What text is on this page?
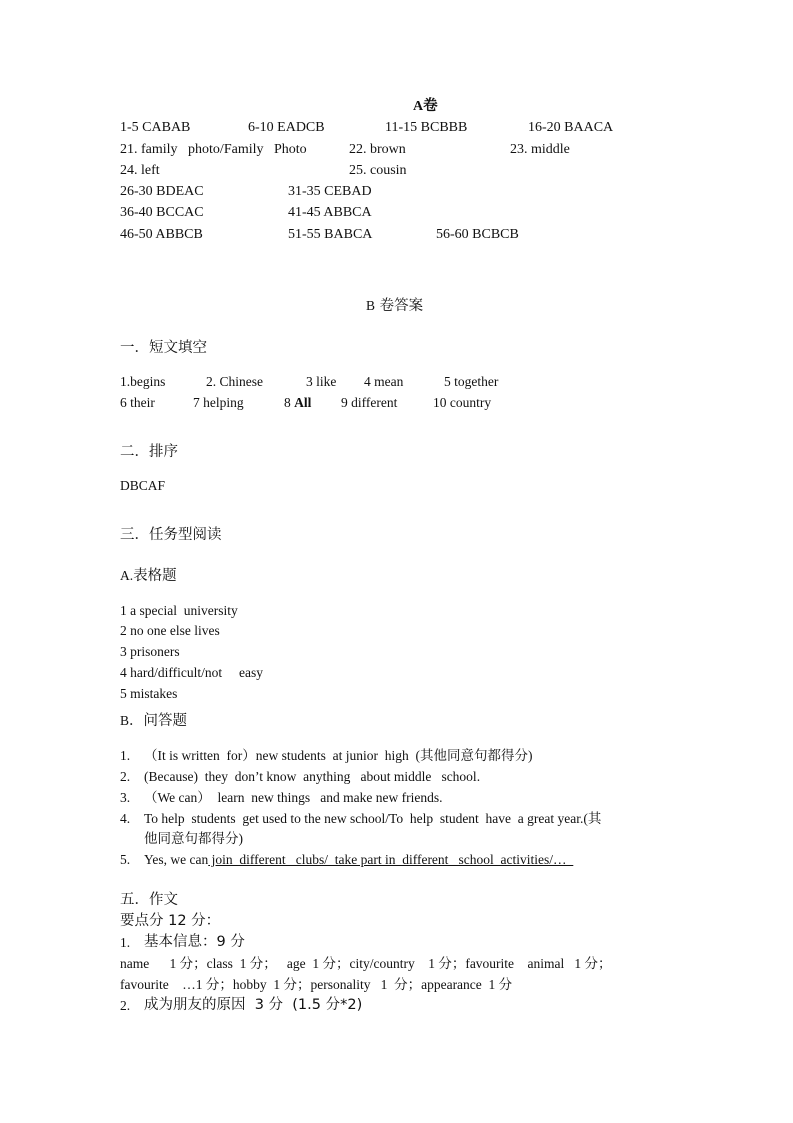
A卷
1-5 CABAB	6-10 EADCB	11-15 BCBBB	16-20 BAACA
21. family   photo/Family   Photo	22. brown	23. middle
24. left	25. cousin
26-30 BDEAC	31-35 CEBAD
36-40 BCCAC	41-45 ABBCA
46-50 ABBCB	51-55 BABCA	56-60 BCBCB
B 卷答案
一．短文填空
1.begins	2. Chinese	3 like 4 mean	5 together
6 their	7 helping	8 All 9 different	10 country
二．排序
DBCAF
三．任务型阅读
A.表格题
1 a special  university
2 no one else lives
3 prisoners
4 hard/difficult/not     easy
5 mistakes
B．问答题
1. （It is written  for）new students  at junior  high  (其他同意句都得分)
2. (Because)  they  don’t know  anything   about middle   school.
3. （We can）  learn  new things   and make new friends.
4. To help  students  get used to the new school/To  help  student  have  a great year.(其
他同意句都得分)
5. Yes, we can join  different   clubs/  take part in  different   school  activities/…
五．作文
要点分 12 分：
1. 基本信息：9 分
name      1 分；class  1 分；   age  1 分；city/country    1 分；favourite    animal   1 分；
favourite    …1 分；hobby  1 分；personality   1  分；appearance  1 分
2. 成为朋友的原因  3 分  (1.5 分*2)
